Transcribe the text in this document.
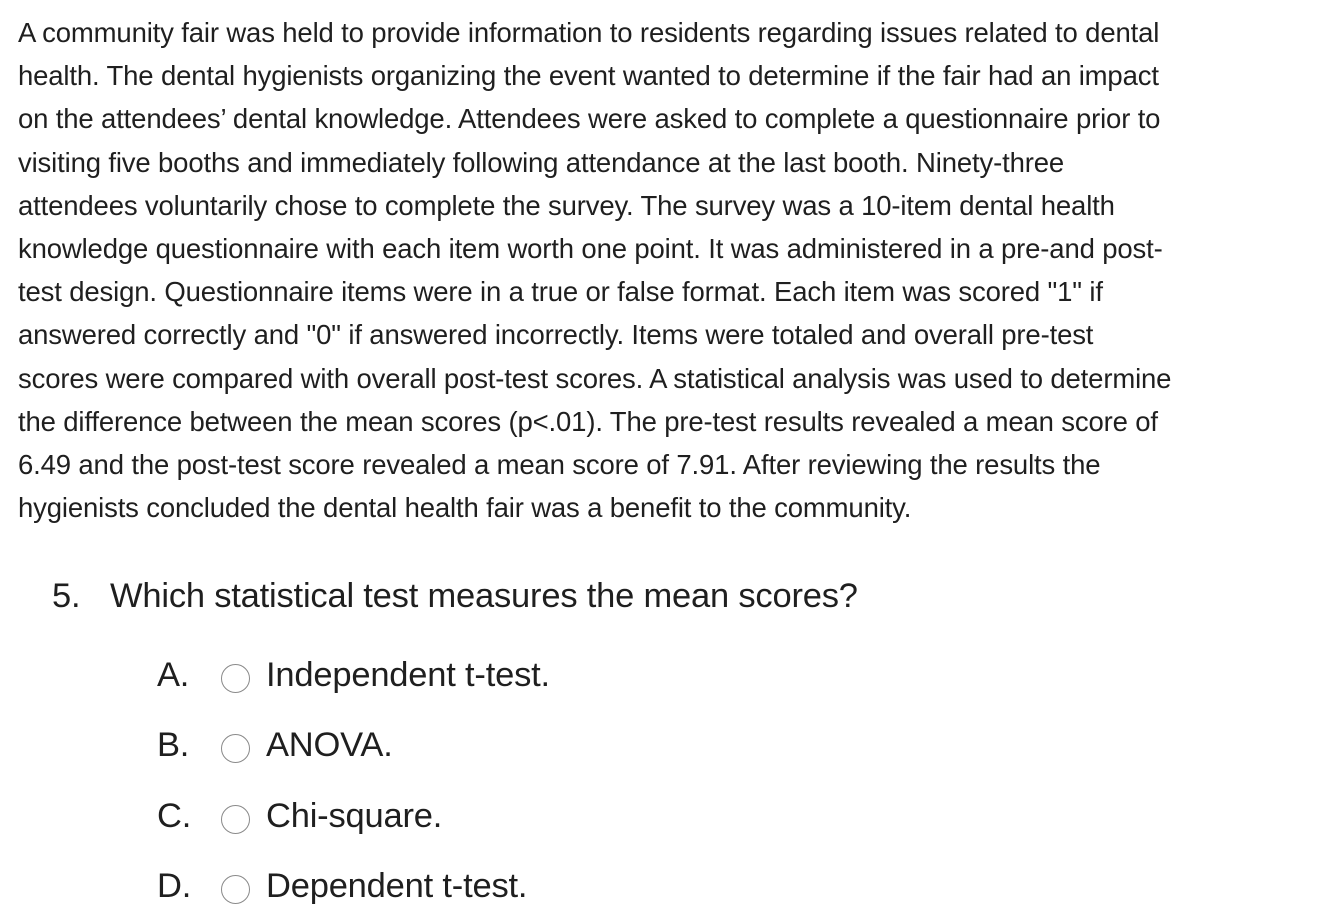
A community fair was held to provide information to residents regarding issues related to dental
health. The dental hygienists organizing the event wanted to determine if the fair had an impact
on the attendees’ dental knowledge. Attendees were asked to complete a questionnaire prior to
visiting five booths and immediately following attendance at the last booth. Ninety-three
attendees voluntarily chose to complete the survey. The survey was a 10-item dental health
knowledge questionnaire with each item worth one point. It was administered in a pre-and post-
test design. Questionnaire items were in a true or false format. Each item was scored "1" if
answered correctly and "0" if answered incorrectly. Items were totaled and overall pre-test
scores were compared with overall post-test scores. A statistical analysis was used to determine
the difference between the mean scores (p<.01). The pre-test results revealed a mean score of
6.49 and the post-test score revealed a mean score of 7.91. After reviewing the results the
hygienists concluded the dental health fair was a benefit to the community.
5. Which statistical test measures the mean scores?
A.	Independent t-test.
B.	ANOVA.
C.	Chi-square.
D.	Dependent t-test.
